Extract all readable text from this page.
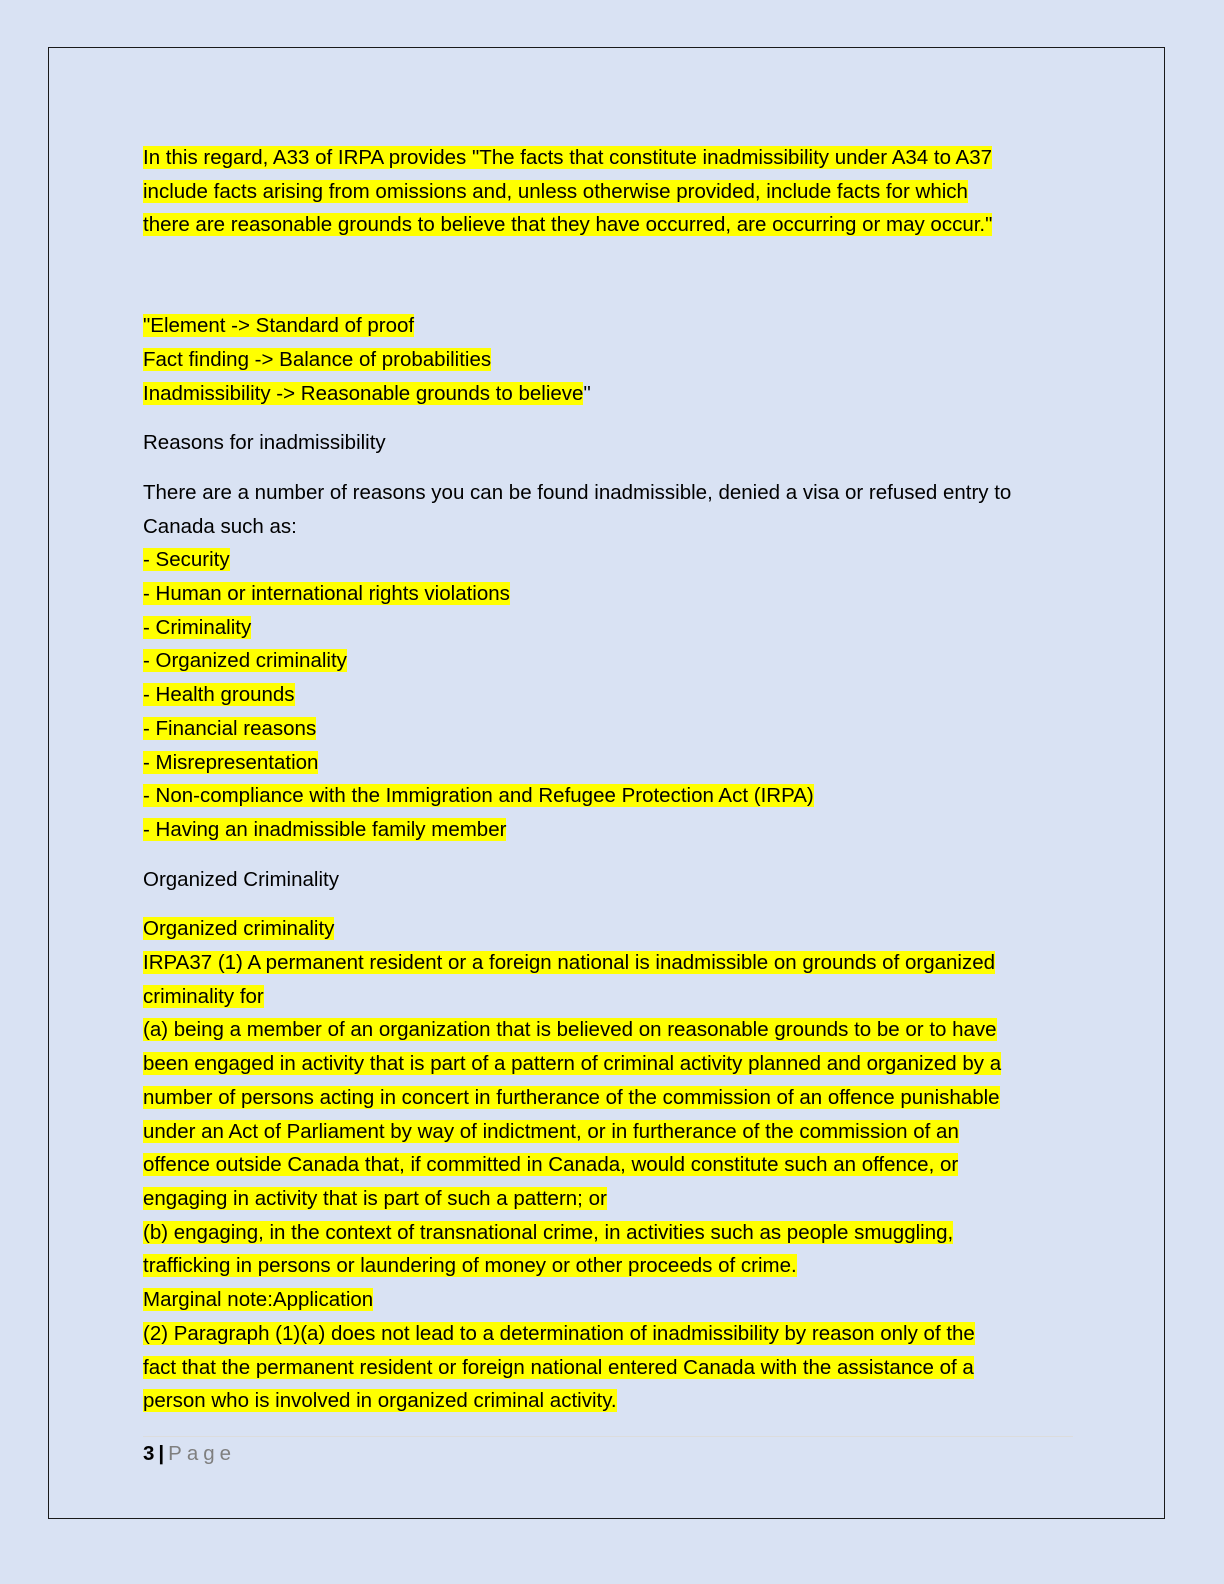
In this regard, A33 of IRPA provides "The facts that constitute inadmissibility under A34 to A37

include facts arising from omissions and, unless otherwise provided, include facts for which

there are reasonable grounds to believe that they have occurred, are occurring or may occur."

"Element -> Standard of proof

Fact finding -> Balance of probabilities

Inadmissibility -> Reasonable grounds to believe"

Reasons for inadmissibility

There are a number of reasons you can be found inadmissible, denied a visa or refused entry to

Canada such as:

- Security

- Human or international rights violations

- Criminality

- Organized criminality

- Health grounds

- Financial reasons

- Misrepresentation

- Non-compliance with the Immigration and Refugee Protection Act (IRPA)

- Having an inadmissible family member

Organized Criminality

Organized criminality

IRPA37 (1) A permanent resident or a foreign national is inadmissible on grounds of organized

criminality for

(a) being a member of an organization that is believed on reasonable grounds to be or to have

been engaged in activity that is part of a pattern of criminal activity planned and organized by a

number of persons acting in concert in furtherance of the commission of an offence punishable

under an Act of Parliament by way of indictment, or in furtherance of the commission of an

offence outside Canada that, if committed in Canada, would constitute such an offence, or

engaging in activity that is part of such a pattern; or

(b) engaging, in the context of transnational crime, in activities such as people smuggling,

trafficking in persons or laundering of money or other proceeds of crime.

Marginal note:Application

(2) Paragraph (1)(a) does not lead to a determination of inadmissibility by reason only of the

fact that the permanent resident or foreign national entered Canada with the assistance of a

person who is involved in organized criminal activity.

3 | Page
